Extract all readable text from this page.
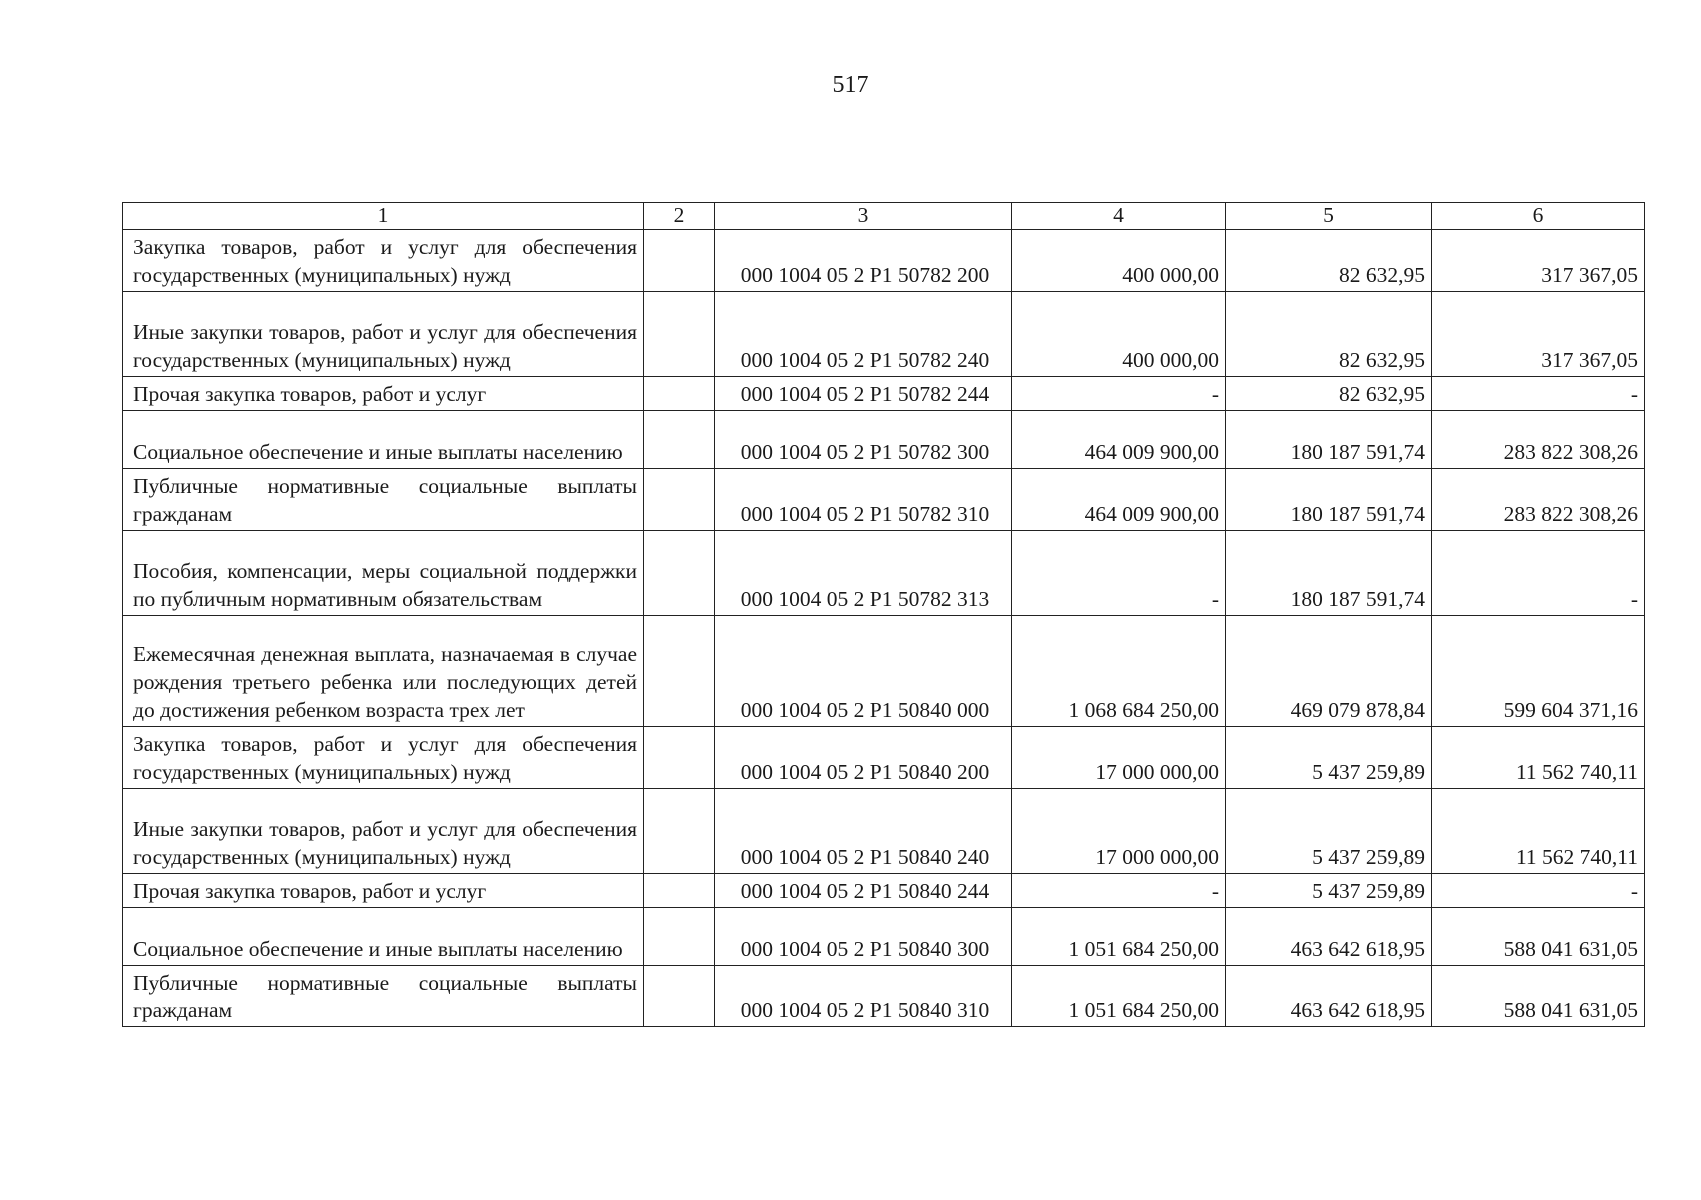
517
1	2	3	4	5	6
Закупка товаров, работ и услуг для обеспечения государственных (муниципальных) нужд		000 1004 05 2 Р1 50782 200	400 000,00	82 632,95	317 367,05
Иные закупки товаров, работ и услуг для обеспечения государственных (муниципальных) нужд		000 1004 05 2 Р1 50782 240	400 000,00	82 632,95	317 367,05
Прочая закупка товаров, работ и услуг		000 1004 05 2 Р1 50782 244	-	82 632,95	-
Социальное обеспечение и иные выплаты населению		000 1004 05 2 Р1 50782 300	464 009 900,00	180 187 591,74	283 822 308,26
Публичные нормативные социальные выплаты гражданам		000 1004 05 2 Р1 50782 310	464 009 900,00	180 187 591,74	283 822 308,26
Пособия, компенсации, меры социальной поддержки по публичным нормативным обязательствам		000 1004 05 2 Р1 50782 313	-	180 187 591,74	-
Ежемесячная денежная выплата, назначаемая в случае рождения третьего ребенка или последующих детей до достижения ребенком возраста трех лет		000 1004 05 2 Р1 50840 000	1 068 684 250,00	469 079 878,84	599 604 371,16
Закупка товаров, работ и услуг для обеспечения государственных (муниципальных) нужд		000 1004 05 2 Р1 50840 200	17 000 000,00	5 437 259,89	11 562 740,11
Иные закупки товаров, работ и услуг для обеспечения государственных (муниципальных) нужд		000 1004 05 2 Р1 50840 240	17 000 000,00	5 437 259,89	11 562 740,11
Прочая закупка товаров, работ и услуг		000 1004 05 2 Р1 50840 244	-	5 437 259,89	-
Социальное обеспечение и иные выплаты населению		000 1004 05 2 Р1 50840 300	1 051 684 250,00	463 642 618,95	588 041 631,05
Публичные нормативные социальные выплаты гражданам		000 1004 05 2 Р1 50840 310	1 051 684 250,00	463 642 618,95	588 041 631,05
